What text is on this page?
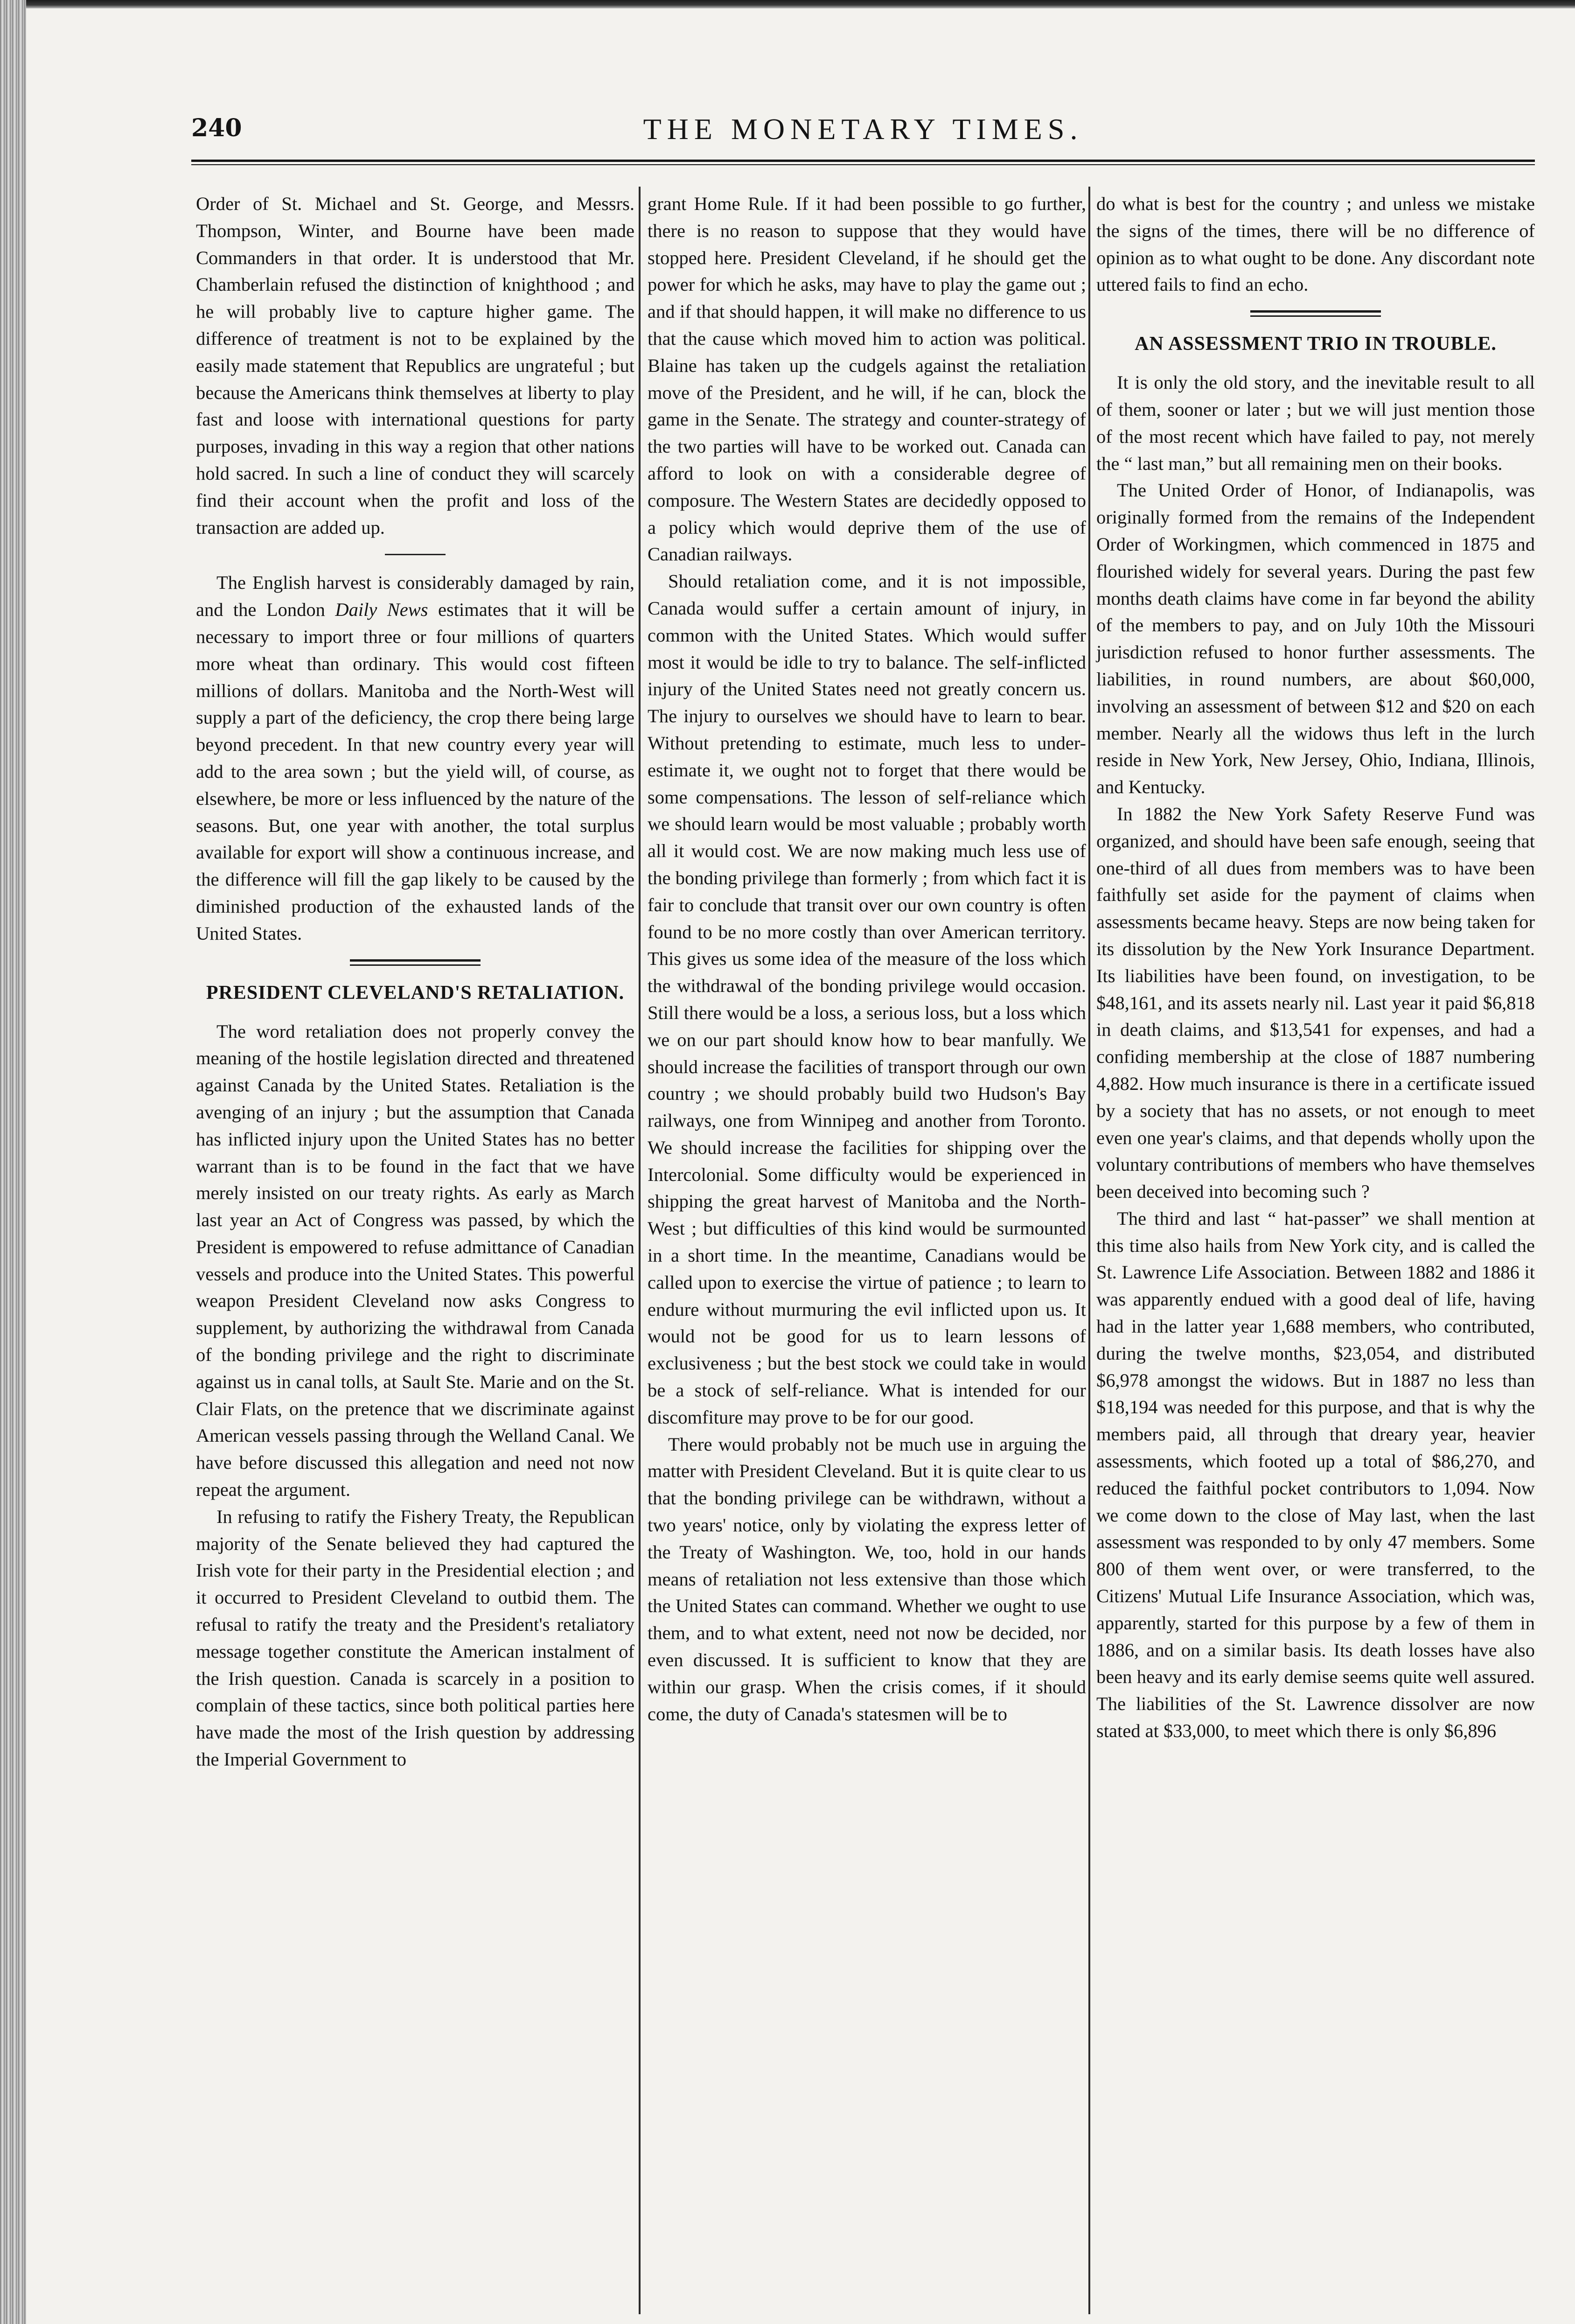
240	THE MONETARY TIMES.

Order of St. Michael and St. George, and Messrs. Thompson, Winter, and Bourne have been made Commanders in that order. It is understood that Mr. Chamberlain refused the distinction of knighthood ; and he will probably live to capture higher game. The difference of treatment is not to be explained by the easily made statement that Republics are ungrateful ; but because the Americans think themselves at liberty to play fast and loose with international questions for party purposes, invading in this way a region that other nations hold sacred. In such a line of conduct they will scarcely find their account when the profit and loss of the transaction are added up.

The English harvest is considerably damaged by rain, and the London Daily News estimates that it will be necessary to import three or four millions of quarters more wheat than ordinary. This would cost fifteen millions of dollars. Manitoba and the North-West will supply a part of the deficiency, the crop there being large beyond precedent. In that new country every year will add to the area sown ; but the yield will, of course, as elsewhere, be more or less influenced by the nature of the seasons. But, one year with another, the total surplus available for export will show a continuous increase, and the difference will fill the gap likely to be caused by the diminished production of the exhausted lands of the United States.

PRESIDENT CLEVELAND'S RETALIATION.

The word retaliation does not properly convey the meaning of the hostile legislation directed and threatened against Canada by the United States. Retaliation is the avenging of an injury ; but the assumption that Canada has inflicted injury upon the United States has no better warrant than is to be found in the fact that we have merely insisted on our treaty rights. As early as March last year an Act of Congress was passed, by which the President is empowered to refuse admittance of Canadian vessels and produce into the United States. This powerful weapon President Cleveland now asks Congress to supplement, by authorizing the withdrawal from Canada of the bonding privilege and the right to discriminate against us in canal tolls, at Sault Ste. Marie and on the St. Clair Flats, on the pretence that we discriminate against American vessels passing through the Welland Canal. We have before discussed this allegation and need not now repeat the argument.

In refusing to ratify the Fishery Treaty, the Republican majority of the Senate believed they had captured the Irish vote for their party in the Presidential election ; and it occurred to President Cleveland to outbid them. The refusal to ratify the treaty and the President's retaliatory message together constitute the American instalment of the Irish question. Canada is scarcely in a position to complain of these tactics, since both political parties here have made the most of the Irish question by addressing the Imperial Government to

grant Home Rule. If it had been possible to go further, there is no reason to suppose that they would have stopped here. President Cleveland, if he should get the power for which he asks, may have to play the game out ; and if that should happen, it will make no difference to us that the cause which moved him to action was political. Blaine has taken up the cudgels against the retaliation move of the President, and he will, if he can, block the game in the Senate. The strategy and counter-strategy of the two parties will have to be worked out. Canada can afford to look on with a considerable degree of composure. The Western States are decidedly opposed to a policy which would deprive them of the use of Canadian railways.

Should retaliation come, and it is not impossible, Canada would suffer a certain amount of injury, in common with the United States. Which would suffer most it would be idle to try to balance. The self-inflicted injury of the United States need not greatly concern us. The injury to ourselves we should have to learn to bear. Without pretending to estimate, much less to under-estimate it, we ought not to forget that there would be some compensations. The lesson of self-reliance which we should learn would be most valuable ; probably worth all it would cost. We are now making much less use of the bonding privilege than formerly ; from which fact it is fair to conclude that transit over our own country is often found to be no more costly than over American territory. This gives us some idea of the measure of the loss which the withdrawal of the bonding privilege would occasion. Still there would be a loss, a serious loss, but a loss which we on our part should know how to bear manfully. We should increase the facilities of transport through our own country ; we should probably build two Hudson's Bay railways, one from Winnipeg and another from Toronto. We should increase the facilities for shipping over the Intercolonial. Some difficulty would be experienced in shipping the great harvest of Manitoba and the North-West ; but difficulties of this kind would be surmounted in a short time. In the meantime, Canadians would be called upon to exercise the virtue of patience ; to learn to endure without murmuring the evil inflicted upon us. It would not be good for us to learn lessons of exclusiveness ; but the best stock we could take in would be a stock of self-reliance. What is intended for our discomfiture may prove to be for our good.

There would probably not be much use in arguing the matter with President Cleveland. But it is quite clear to us that the bonding privilege can be withdrawn, without a two years' notice, only by violating the express letter of the Treaty of Washington. We, too, hold in our hands means of retaliation not less extensive than those which the United States can command. Whether we ought to use them, and to what extent, need not now be decided, nor even discussed. It is sufficient to know that they are within our grasp. When the crisis comes, if it should come, the duty of Canada's statesmen will be to

do what is best for the country ; and unless we mistake the signs of the times, there will be no difference of opinion as to what ought to be done. Any discordant note uttered fails to find an echo.

AN ASSESSMENT TRIO IN TROUBLE.

It is only the old story, and the inevitable result to all of them, sooner or later ; but we will just mention those of the most recent which have failed to pay, not merely the “ last man,” but all remaining men on their books.

The United Order of Honor, of Indianapolis, was originally formed from the remains of the Independent Order of Workingmen, which commenced in 1875 and flourished widely for several years. During the past few months death claims have come in far beyond the ability of the members to pay, and on July 10th the Missouri jurisdiction refused to honor further assessments. The liabilities, in round numbers, are about $60,000, involving an assessment of between $12 and $20 on each member. Nearly all the widows thus left in the lurch reside in New York, New Jersey, Ohio, Indiana, Illinois, and Kentucky.

In 1882 the New York Safety Reserve Fund was organized, and should have been safe enough, seeing that one-third of all dues from members was to have been faithfully set aside for the payment of claims when assessments became heavy. Steps are now being taken for its dissolution by the New York Insurance Department. Its liabilities have been found, on investigation, to be $48,161, and its assets nearly nil. Last year it paid $6,818 in death claims, and $13,541 for expenses, and had a confiding membership at the close of 1887 numbering 4,882. How much insurance is there in a certificate issued by a society that has no assets, or not enough to meet even one year's claims, and that depends wholly upon the voluntary contributions of members who have themselves been deceived into becoming such ?

The third and last “ hat-passer” we shall mention at this time also hails from New York city, and is called the St. Lawrence Life Association. Between 1882 and 1886 it was apparently endued with a good deal of life, having had in the latter year 1,688 members, who contributed, during the twelve months, $23,054, and distributed $6,978 amongst the widows. But in 1887 no less than $18,194 was needed for this purpose, and that is why the members paid, all through that dreary year, heavier assessments, which footed up a total of $86,270, and reduced the faithful pocket contributors to 1,094. Now we come down to the close of May last, when the last assessment was responded to by only 47 members. Some 800 of them went over, or were transferred, to the Citizens' Mutual Life Insurance Association, which was, apparently, started for this purpose by a few of them in 1886, and on a similar basis. Its death losses have also been heavy and its early demise seems quite well assured. The liabilities of the St. Lawrence dissolver are now stated at $33,000, to meet which there is only $6,896
